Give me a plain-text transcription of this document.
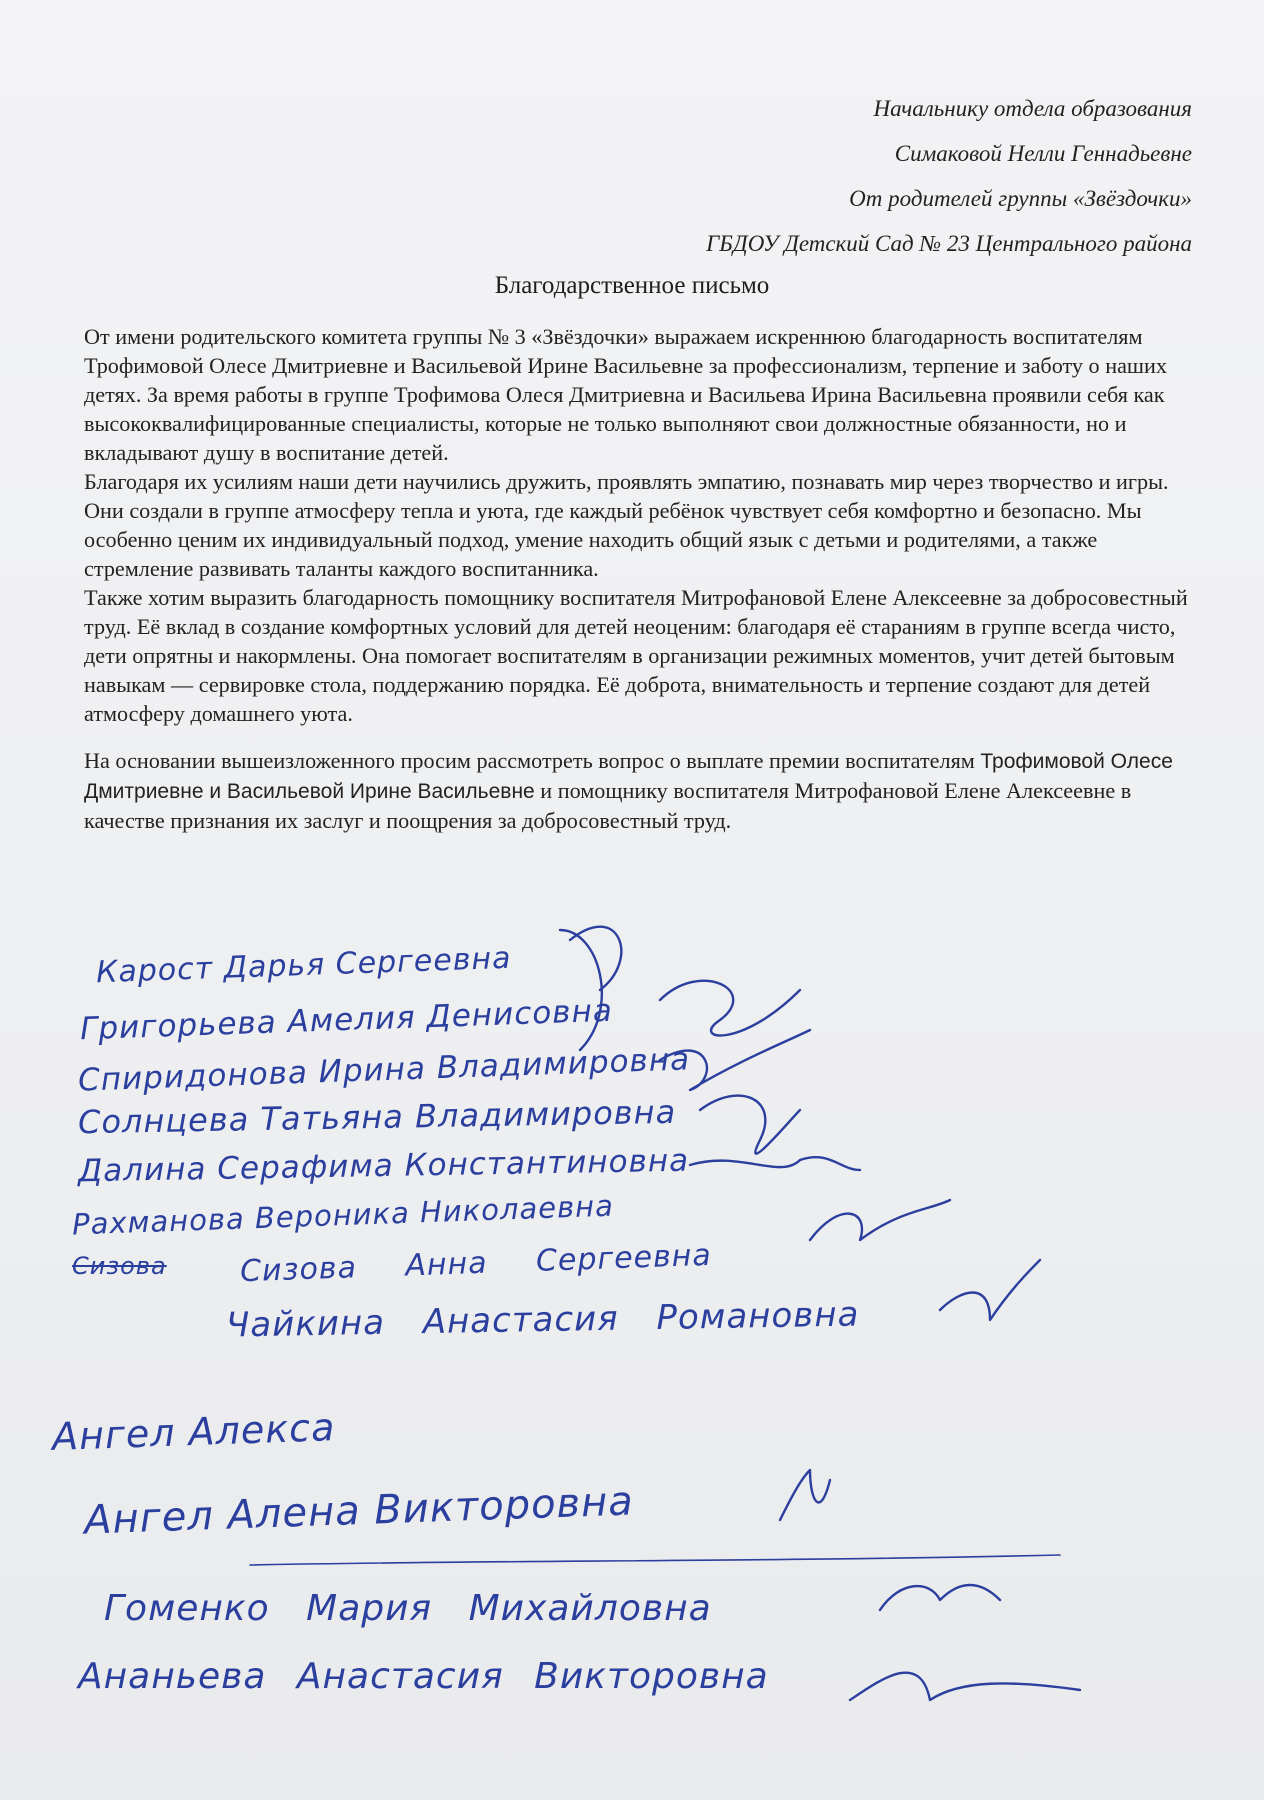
Начальнику отдела образования
Симаковой Нелли Геннадьевне
От родителей группы «Звёздочки»
ГБДОУ Детский Сад № 23 Центрального района
Благодарственное письмо

От имени родительского комитета группы № 3 «Звёздочки» выражаем искреннюю благодарность воспитателям Трофимовой Олесе Дмитриевне и Васильевой Ирине Васильевне за профессионализм, терпение и заботу о наших детях. За время работы в группе Трофимова Олеся Дмитриевна и Васильева Ирина Васильевна проявили себя как высококвалифицированные специалисты, которые не только выполняют свои должностные обязанности, но и вкладывают душу в воспитание детей.

Благодаря их усилиям наши дети научились дружить, проявлять эмпатию, познавать мир через творчество и игры. Они создали в группе атмосферу тепла и уюта, где каждый ребёнок чувствует себя комфортно и безопасно. Мы особенно ценим их индивидуальный подход, умение находить общий язык с детьми и родителями, а также стремление развивать таланты каждого воспитанника.

Также хотим выразить благодарность помощнику воспитателя Митрофановой Елене Алексеевне за добросовестный труд. Её вклад в создание комфортных условий для детей неоценим: благодаря её стараниям в группе всегда чисто, дети опрятны и накормлены. Она помогает воспитателям в организации режимных моментов, учит детей бытовым навыкам — сервировке стола, поддержанию порядка. Её доброта, внимательность и терпение создают для детей атмосферу домашнего уюта.

На основании вышеизложенного просим рассмотреть вопрос о выплате премии воспитателям Трофимовой Олесе Дмитриевне и Васильевой Ирине Васильевне и помощнику воспитателя Митрофановой Елене Алексеевне в качестве признания их заслуг и поощрения за добросовестный труд.

Карост Дарья Сергеевна
Григорьева Амелия Денисовна
Спиридонова Ирина Владимировна
Солнцева Татьяна Владимировна
Далина Серафима Константиновна
Рахманова Вероника Николаевна
Сизова Сизова Анна Сергеевна
Чайкина Анастасия Романовна
Ангел Алекса
Ангел Алена Викторовна
Гоменко Мария Михайловна
Ананьева Анастасия Викторовна
